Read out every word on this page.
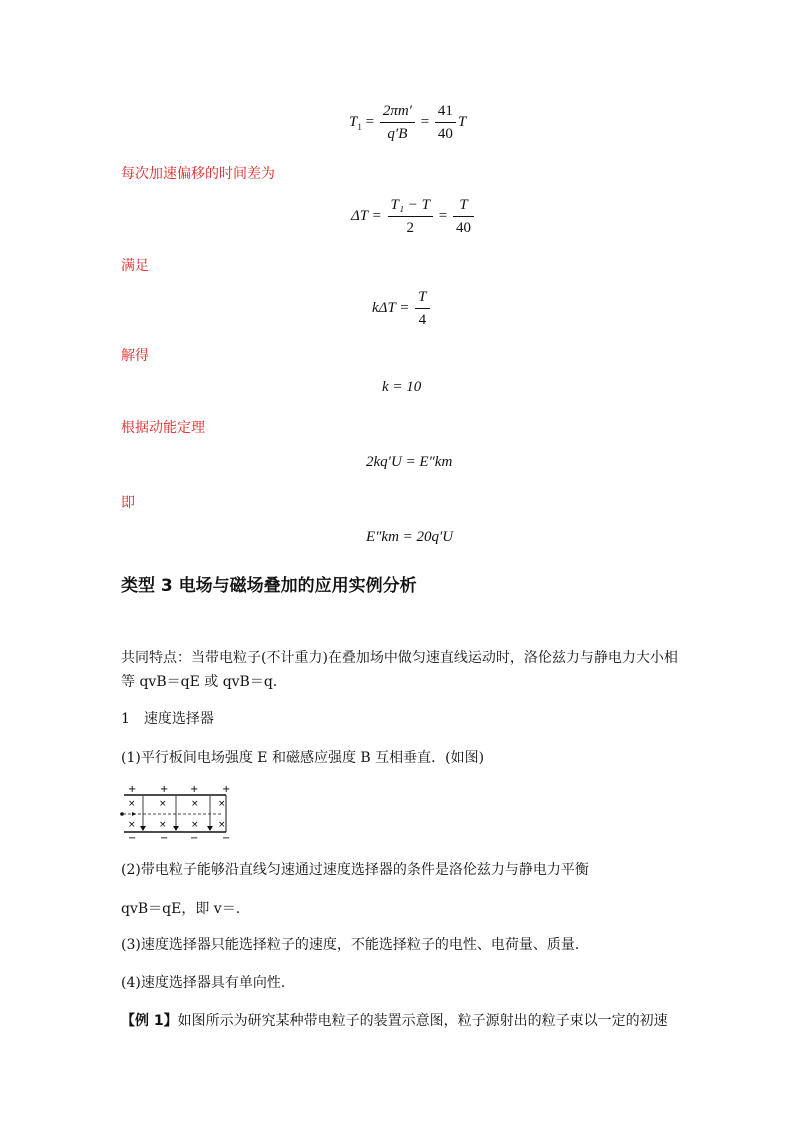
$T_1 = \frac{2\pi m'}{q'B} = \frac{41}{40}$ T
每次加速偏移的时间差为
$\Delta T = \frac{\text{T₁ − T}}{2} = \frac{T}{40}$
满足
$k\Delta T = \frac{T}{4}$
解得
k = 10
根据动能定理
2kq′U = E″km
即
E″km = 20q′U
类型 3 电场与磁场叠加的应用实例分析
共同特点：当带电粒子(不计重力)在叠加场中做匀速直线运动时，洛伦兹力与静电力大小相等 qvB＝qE 或 qvB＝q.
1　速度选择器
(1)平行板间电场强度 E 和磁感应强度 B 互相垂直．(如图)
+ + + +
×	×	× ×
×	×	× ×
− − − −
(2)带电粒子能够沿直线匀速通过速度选择器的条件是洛伦兹力与静电力平衡
qvB＝qE，即 v＝.
(3)速度选择器只能选择粒子的速度，不能选择粒子的电性、电荷量、质量．
(4)速度选择器具有单向性．
【例 1】如图所示为研究某种带电粒子的装置示意图，粒子源射出的粒子束以一定的初速
